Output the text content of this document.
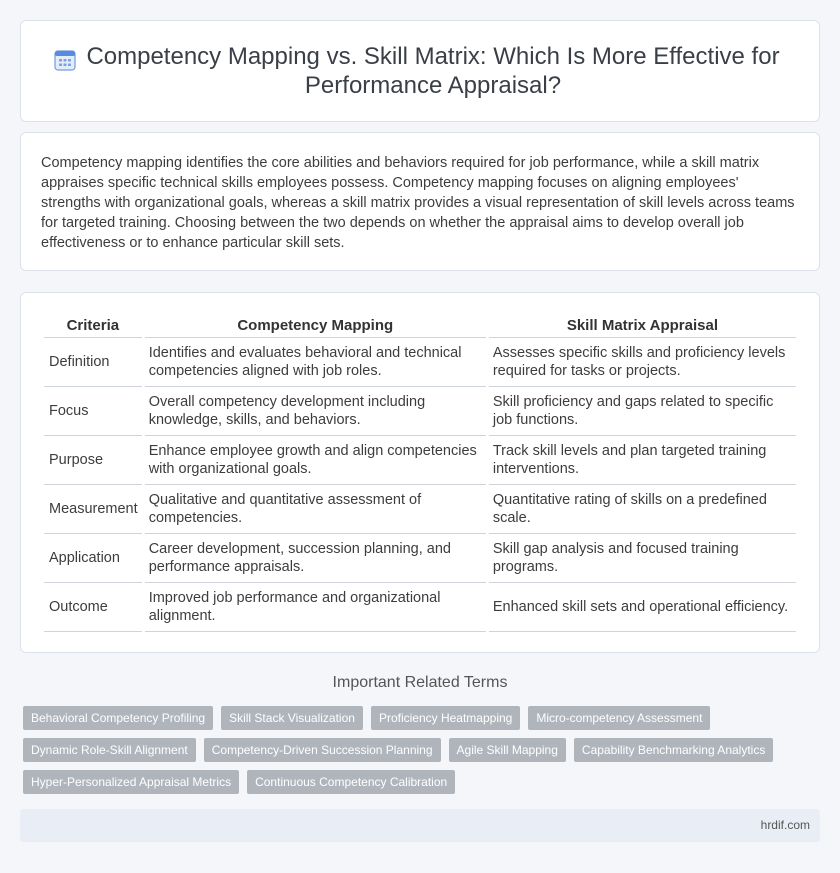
Competency Mapping vs. Skill Matrix: Which Is More Effective for Performance Appraisal?

Competency mapping identifies the core abilities and behaviors required for job performance, while a skill matrix appraises specific technical skills employees possess. Competency mapping focuses on aligning employees' strengths with organizational goals, whereas a skill matrix provides a visual representation of skill levels across teams for targeted training. Choosing between the two depends on whether the appraisal aims to develop overall job effectiveness or to enhance particular skill sets.

Criteria	Competency Mapping	Skill Matrix Appraisal
Definition	Identifies and evaluates behavioral and technical competencies aligned with job roles.	Assesses specific skills and proficiency levels required for tasks or projects.
Focus	Overall competency development including knowledge, skills, and behaviors.	Skill proficiency and gaps related to specific job functions.
Purpose	Enhance employee growth and align competencies with organizational goals.	Track skill levels and plan targeted training interventions.
Measurement	Qualitative and quantitative assessment of competencies.	Quantitative rating of skills on a predefined scale.
Application	Career development, succession planning, and performance appraisals.	Skill gap analysis and focused training programs.
Outcome	Improved job performance and organizational alignment.	Enhanced skill sets and operational efficiency.
Important Related Terms
Behavioral Competency Profiling	Skill Stack Visualization	Proficiency Heatmapping	Micro-competency Assessment
Dynamic Role-Skill Alignment	Competency-Driven Succession Planning	Agile Skill Mapping	Capability Benchmarking Analytics
Hyper-Personalized Appraisal Metrics	Continuous Competency Calibration
hrdif.com
